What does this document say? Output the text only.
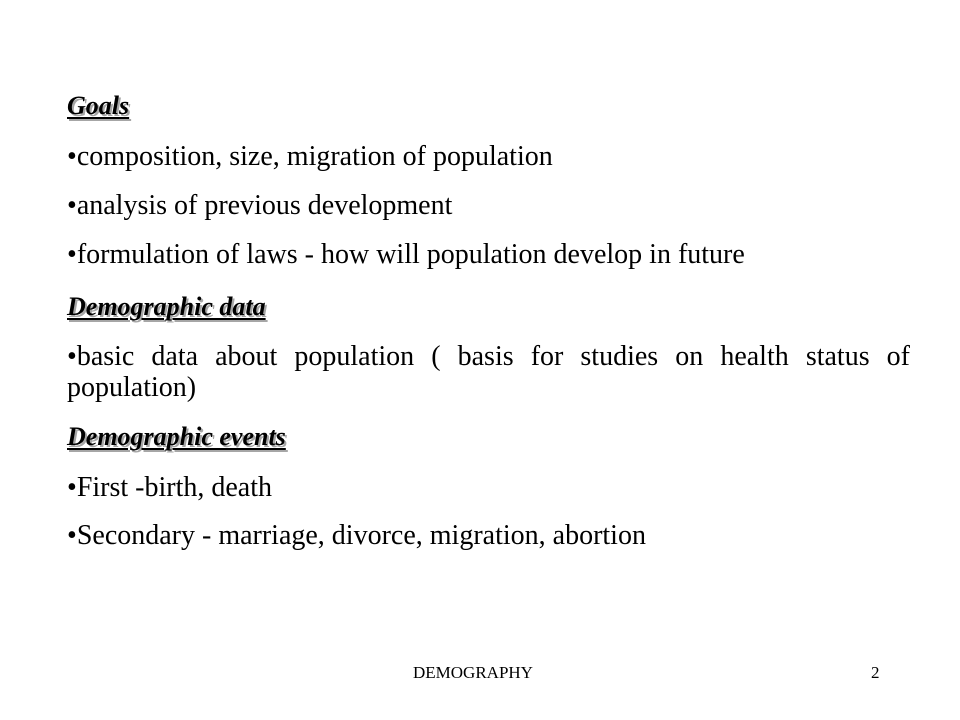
Goals
•composition, size, migration of population
•analysis of previous development
•formulation of laws - how will population develop in future
Demographic data
•basic data about population ( basis for studies on health status of population)
Demographic events
•First -birth, death
•Secondary - marriage, divorce, migration, abortion
DEMOGRAPHY	2
